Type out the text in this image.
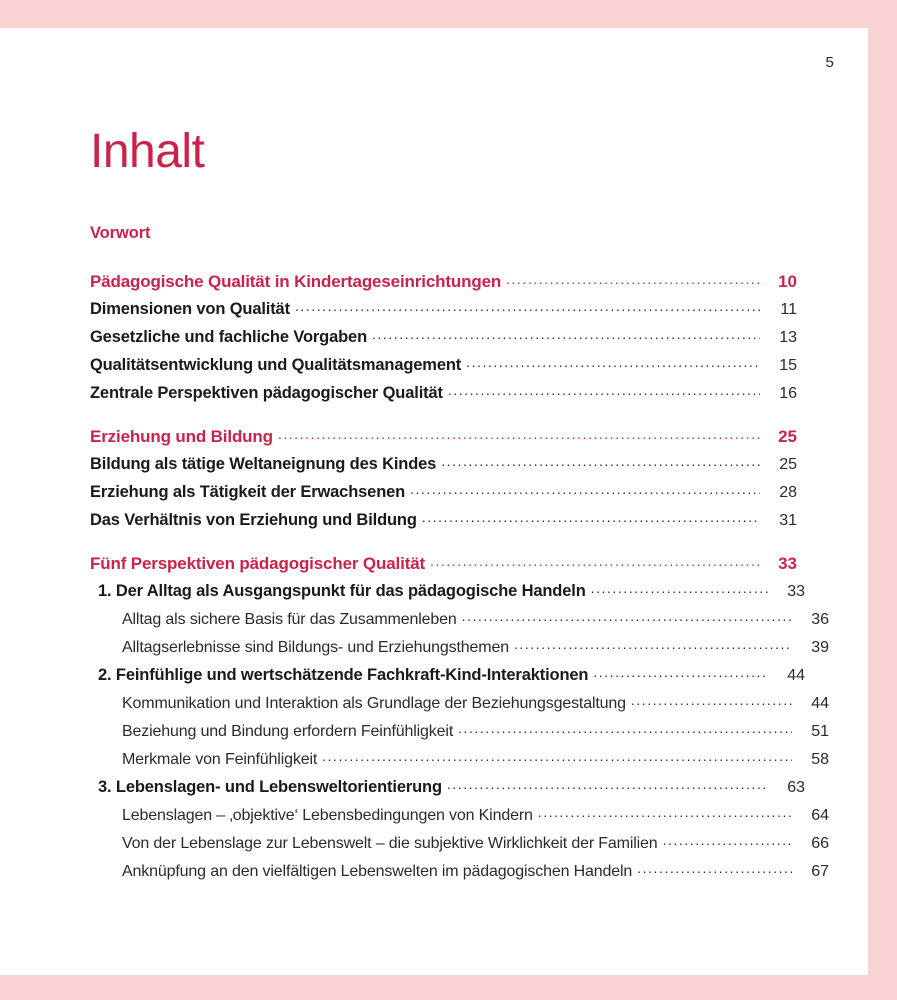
5
Inhalt
Vorwort
Pädagogische Qualität in Kindertageseinrichtungen .....	10
Dimensionen von Qualität .....	11
Gesetzliche und fachliche Vorgaben .....	13
Qualitätsentwicklung und Qualitätsmanagement .....	15
Zentrale Perspektiven pädagogischer Qualität .....	16
Erziehung und Bildung .....	25
Bildung als tätige Weltaneignung des Kindes .....	25
Erziehung als Tätigkeit der Erwachsenen .....	28
Das Verhältnis von Erziehung und Bildung .....	31
Fünf Perspektiven pädagogischer Qualität .....	33
1. Der Alltag als Ausgangspunkt für das pädagogische Handeln .....	33
Alltag als sichere Basis für das Zusammenleben .....	36
Alltagserlebnisse sind Bildungs- und Erziehungsthemen .....	39
2. Feinfühlige und wertschätzende Fachkraft-Kind-Interaktionen .....	44
Kommunikation und Interaktion als Grundlage der Beziehungsgestaltung .....	44
Beziehung und Bindung erfordern Feinfühligkeit .....	51
Merkmale von Feinfühligkeit .....	58
3. Lebenslagen- und Lebensweltorientierung .....	63
Lebenslagen – ‚objektive‘ Lebensbedingungen von Kindern .....	64
Von der Lebenslage zur Lebenswelt – die subjektive Wirklichkeit der Familien .....	66
Anknüpfung an den vielfältigen Lebenswelten im pädagogischen Handeln .....	67
